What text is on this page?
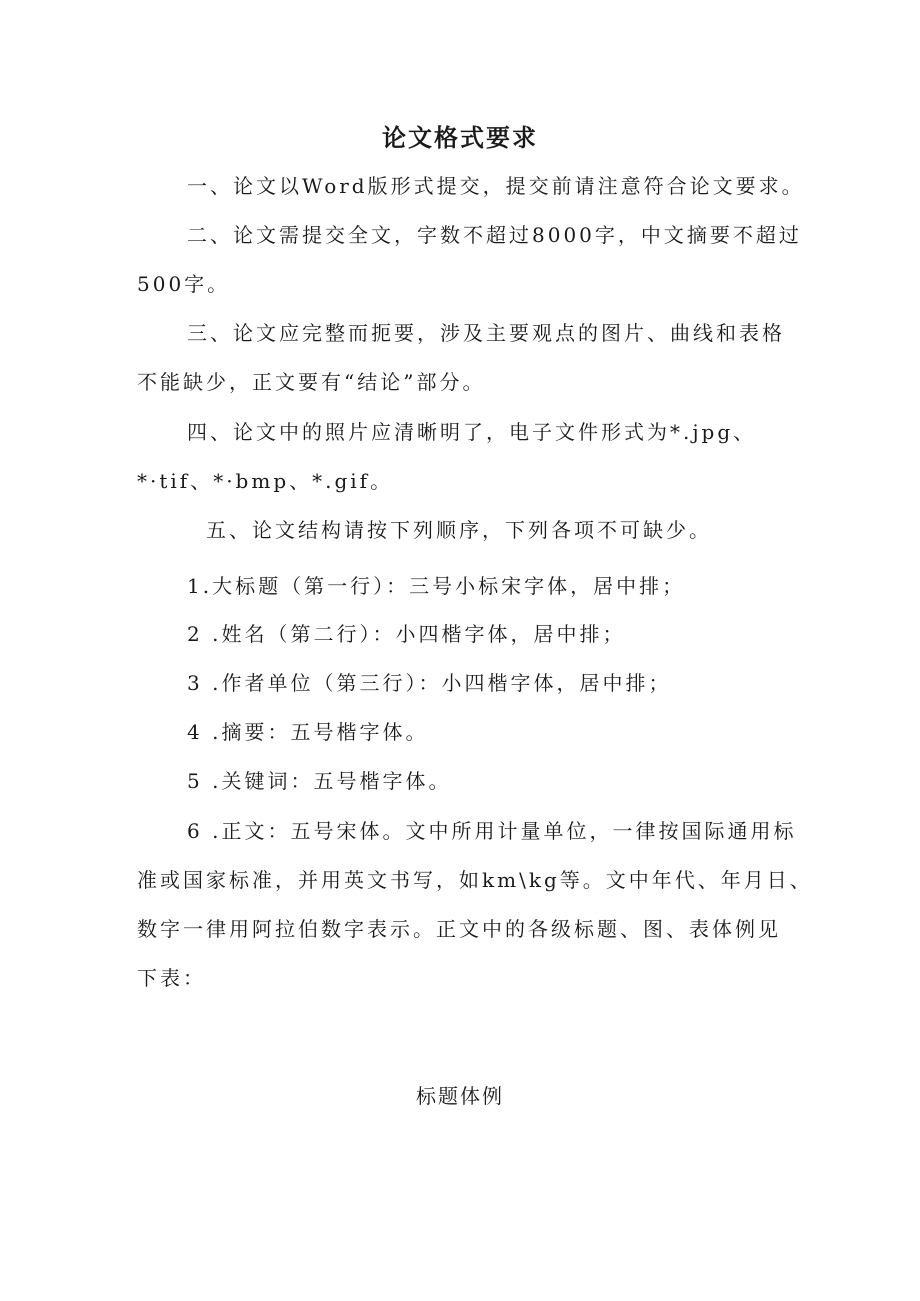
论文格式要求
一、论文以Word版形式提交，提交前请注意符合论文要求。
二、论文需提交全文，字数不超过8000字，中文摘要不超过
500字。
三、论文应完整而扼要，涉及主要观点的图片、曲线和表格
不能缺少，正文要有“结论”部分。
四、论文中的照片应清晰明了，电子文件形式为*.jpg、
*·tif、*·bmp、*.gif。
五、论文结构请按下列顺序，下列各项不可缺少。
1.大标题（第一行）：三号小标宋字体，居中排；
2 .姓名（第二行）：小四楷字体，居中排；
3 .作者单位（第三行）：小四楷字体，居中排；
4 .摘要：五号楷字体。
5 .关键词：五号楷字体。
6 .正文：五号宋体。文中所用计量单位，一律按国际通用标
准或国家标准，并用英文书写，如km\kg等。文中年代、年月日、
数字一律用阿拉伯数字表示。正文中的各级标题、图、表体例见
下表：
标题体例
